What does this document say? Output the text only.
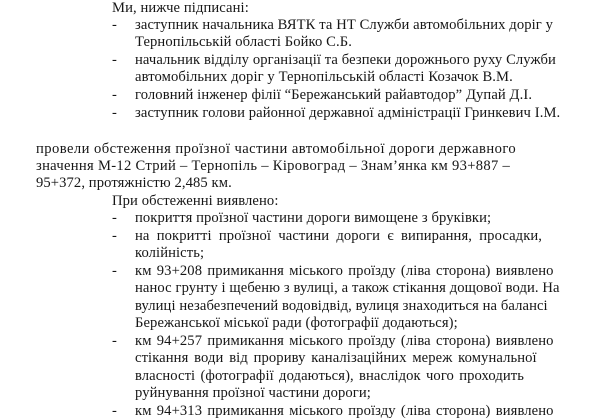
Ми, нижче підписані:
- заступник начальника ВЯТК та НТ Служби автомобільних доріг у
Тернопільській області Бойко С.Б.
- начальник відділу організації та безпеки дорожнього руху Служби
автомобільних доріг у Тернопільській області Козачок В.М.
- головний інженер філії “Бережанський райавтодор” Дупай Д.І.
- заступник голови районної державної адміністрації Гринкевич І.М.
провели обстеження проїзної частини автомобільної дороги державного
значення М-12 Стрий – Тернопіль – Кіровоград – Знам’янка км 93+887 –
95+372, протяжністю 2,485 км.
При обстеженні виявлено:
- покриття проїзної частини дороги вимощене з бруківки;
- на покритті проїзної частини дороги є випирання, просадки,
колійність;
- км 93+208 примикання міського проїзду (ліва сторона) виявлено
нанос грунту і щебеню з вулиці, а також стікання дощової води. На
вулиці незабезпечений водовідвід, вулиця знаходиться на балансі
Бережанської міської ради (фотографії додаються);
- км 94+257 примикання міського проїзду (ліва сторона) виявлено
стікання води від прориву каналізаційних мереж комунальної
власності (фотографії додаються), внаслідок чого проходить
руйнування проїзної частини дороги;
- км 94+313 примикання міського проїзду (ліва сторона) виявлено
